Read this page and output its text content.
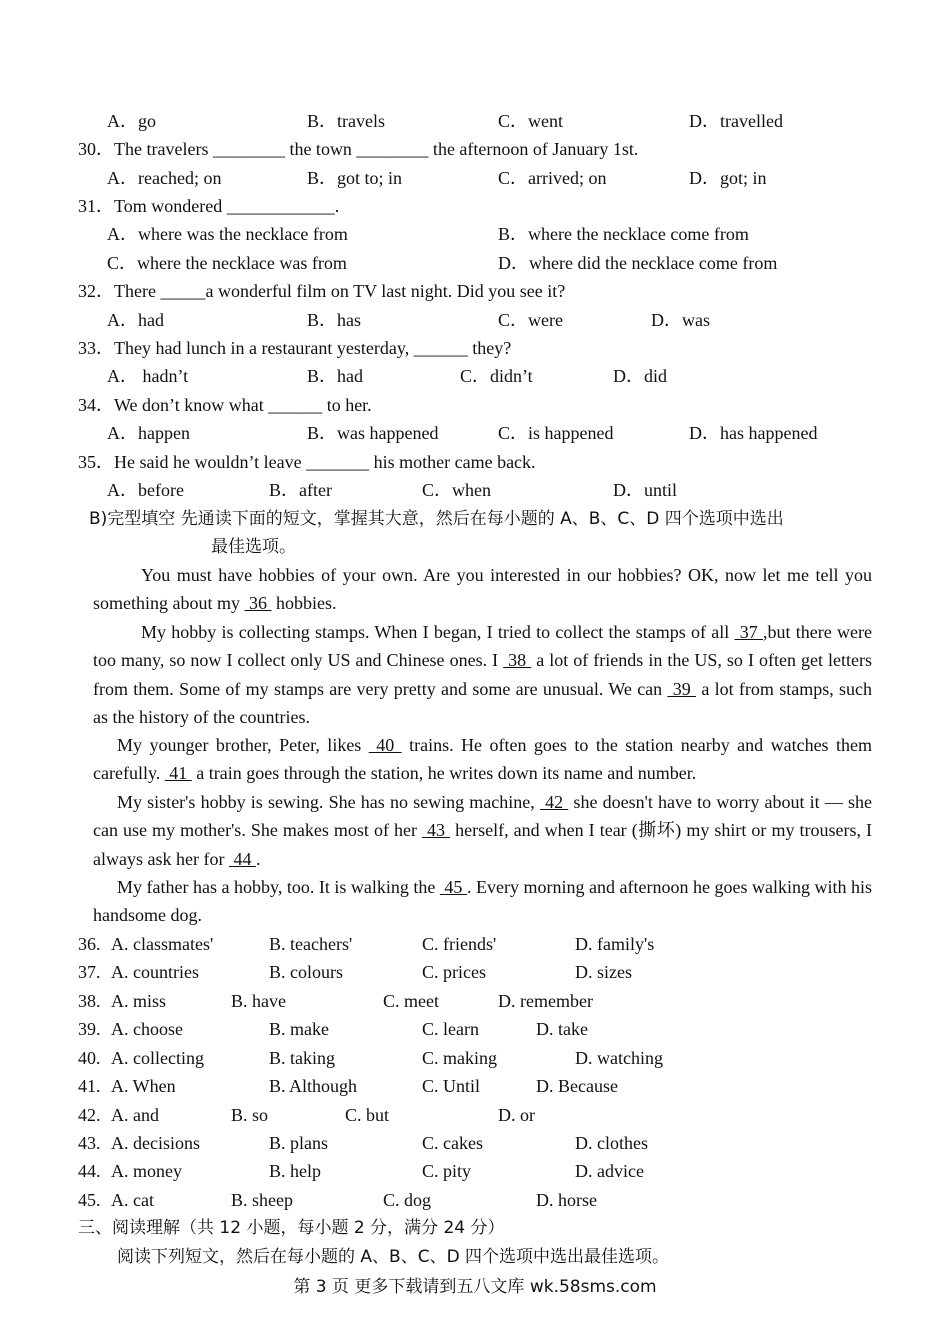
A．go	B．travels	C．went	D．travelled
30．The travelers ________ the town ________ the afternoon of January 1st.
A．reached; on	B．got to; in	C．arrived; on	D．got; in
31．Tom wondered ____________.
A．where was the necklace from	B．where the necklace come from
C．where the necklace was from	D．where did the necklace come from
32．There _____a wonderful film on TV last night. Did you see it?
A．had	B．has	C．were	D．was
33．They had lunch in a restaurant yesterday, ______ they?
A． hadn’t	B．had	C．didn’t	D．did
34．We don’t know what ______ to her.
A．happen	B．was happened	C．is happened	D．has happened
35．He said he wouldn’t leave _______ his mother came back.
A．before	B．after	C．when	D．until
B)完型填空 先通读下面的短文，掌握其大意，然后在每小题的 A、B、C、D 四个选项中选出
最佳选项。
You must have hobbies of your own. Are you interested in our hobbies? OK, now let me tell you something about my  36  hobbies.
My hobby is collecting stamps. When I began, I tried to collect the stamps of all  37 ,but there were too many, so now I collect only US and Chinese ones. I  38  a lot of friends in the US, so I often get letters from them. Some of my stamps are very pretty and some are unusual. We can  39  a lot from stamps, such as the history of the countries.
My younger brother, Peter, likes  40  trains. He often goes to the station nearby and watches them carefully.  41  a train goes through the station, he writes down its name and number.
My sister's hobby is sewing. She has no sewing machine,  42  she doesn't have to worry about it — she can use my mother's. She makes most of her  43  herself, and when I tear (撕坏) my shirt or my trousers, I always ask her for  44 .
My father has a hobby, too. It is walking the  45 . Every morning and afternoon he goes walking with his handsome dog.
36. A. classmates'	B. teachers'	C. friends'	D. family's
37. A. countries	B. colours	C. prices	D. sizes
38. A. miss	B. have	C. meet	D. remember
39. A. choose	B. make	C. learn	D. take
40. A. collecting	B. taking	C. making	D. watching
41. A. When	B. Although	C. Until	D. Because
42. A. and	B. so	C. but	D. or
43. A. decisions	B. plans	C. cakes	D. clothes
44. A. money	B. help	C. pity	D. advice
45. A. cat	B. sheep	C. dog	D. horse
三、阅读理解（共 12 小题，每小题 2 分，满分 24 分）
阅读下列短文，然后在每小题的 A、B、C、D 四个选项中选出最佳选项。
第 3 页 更多下载请到五八文库 wk.58sms.com
